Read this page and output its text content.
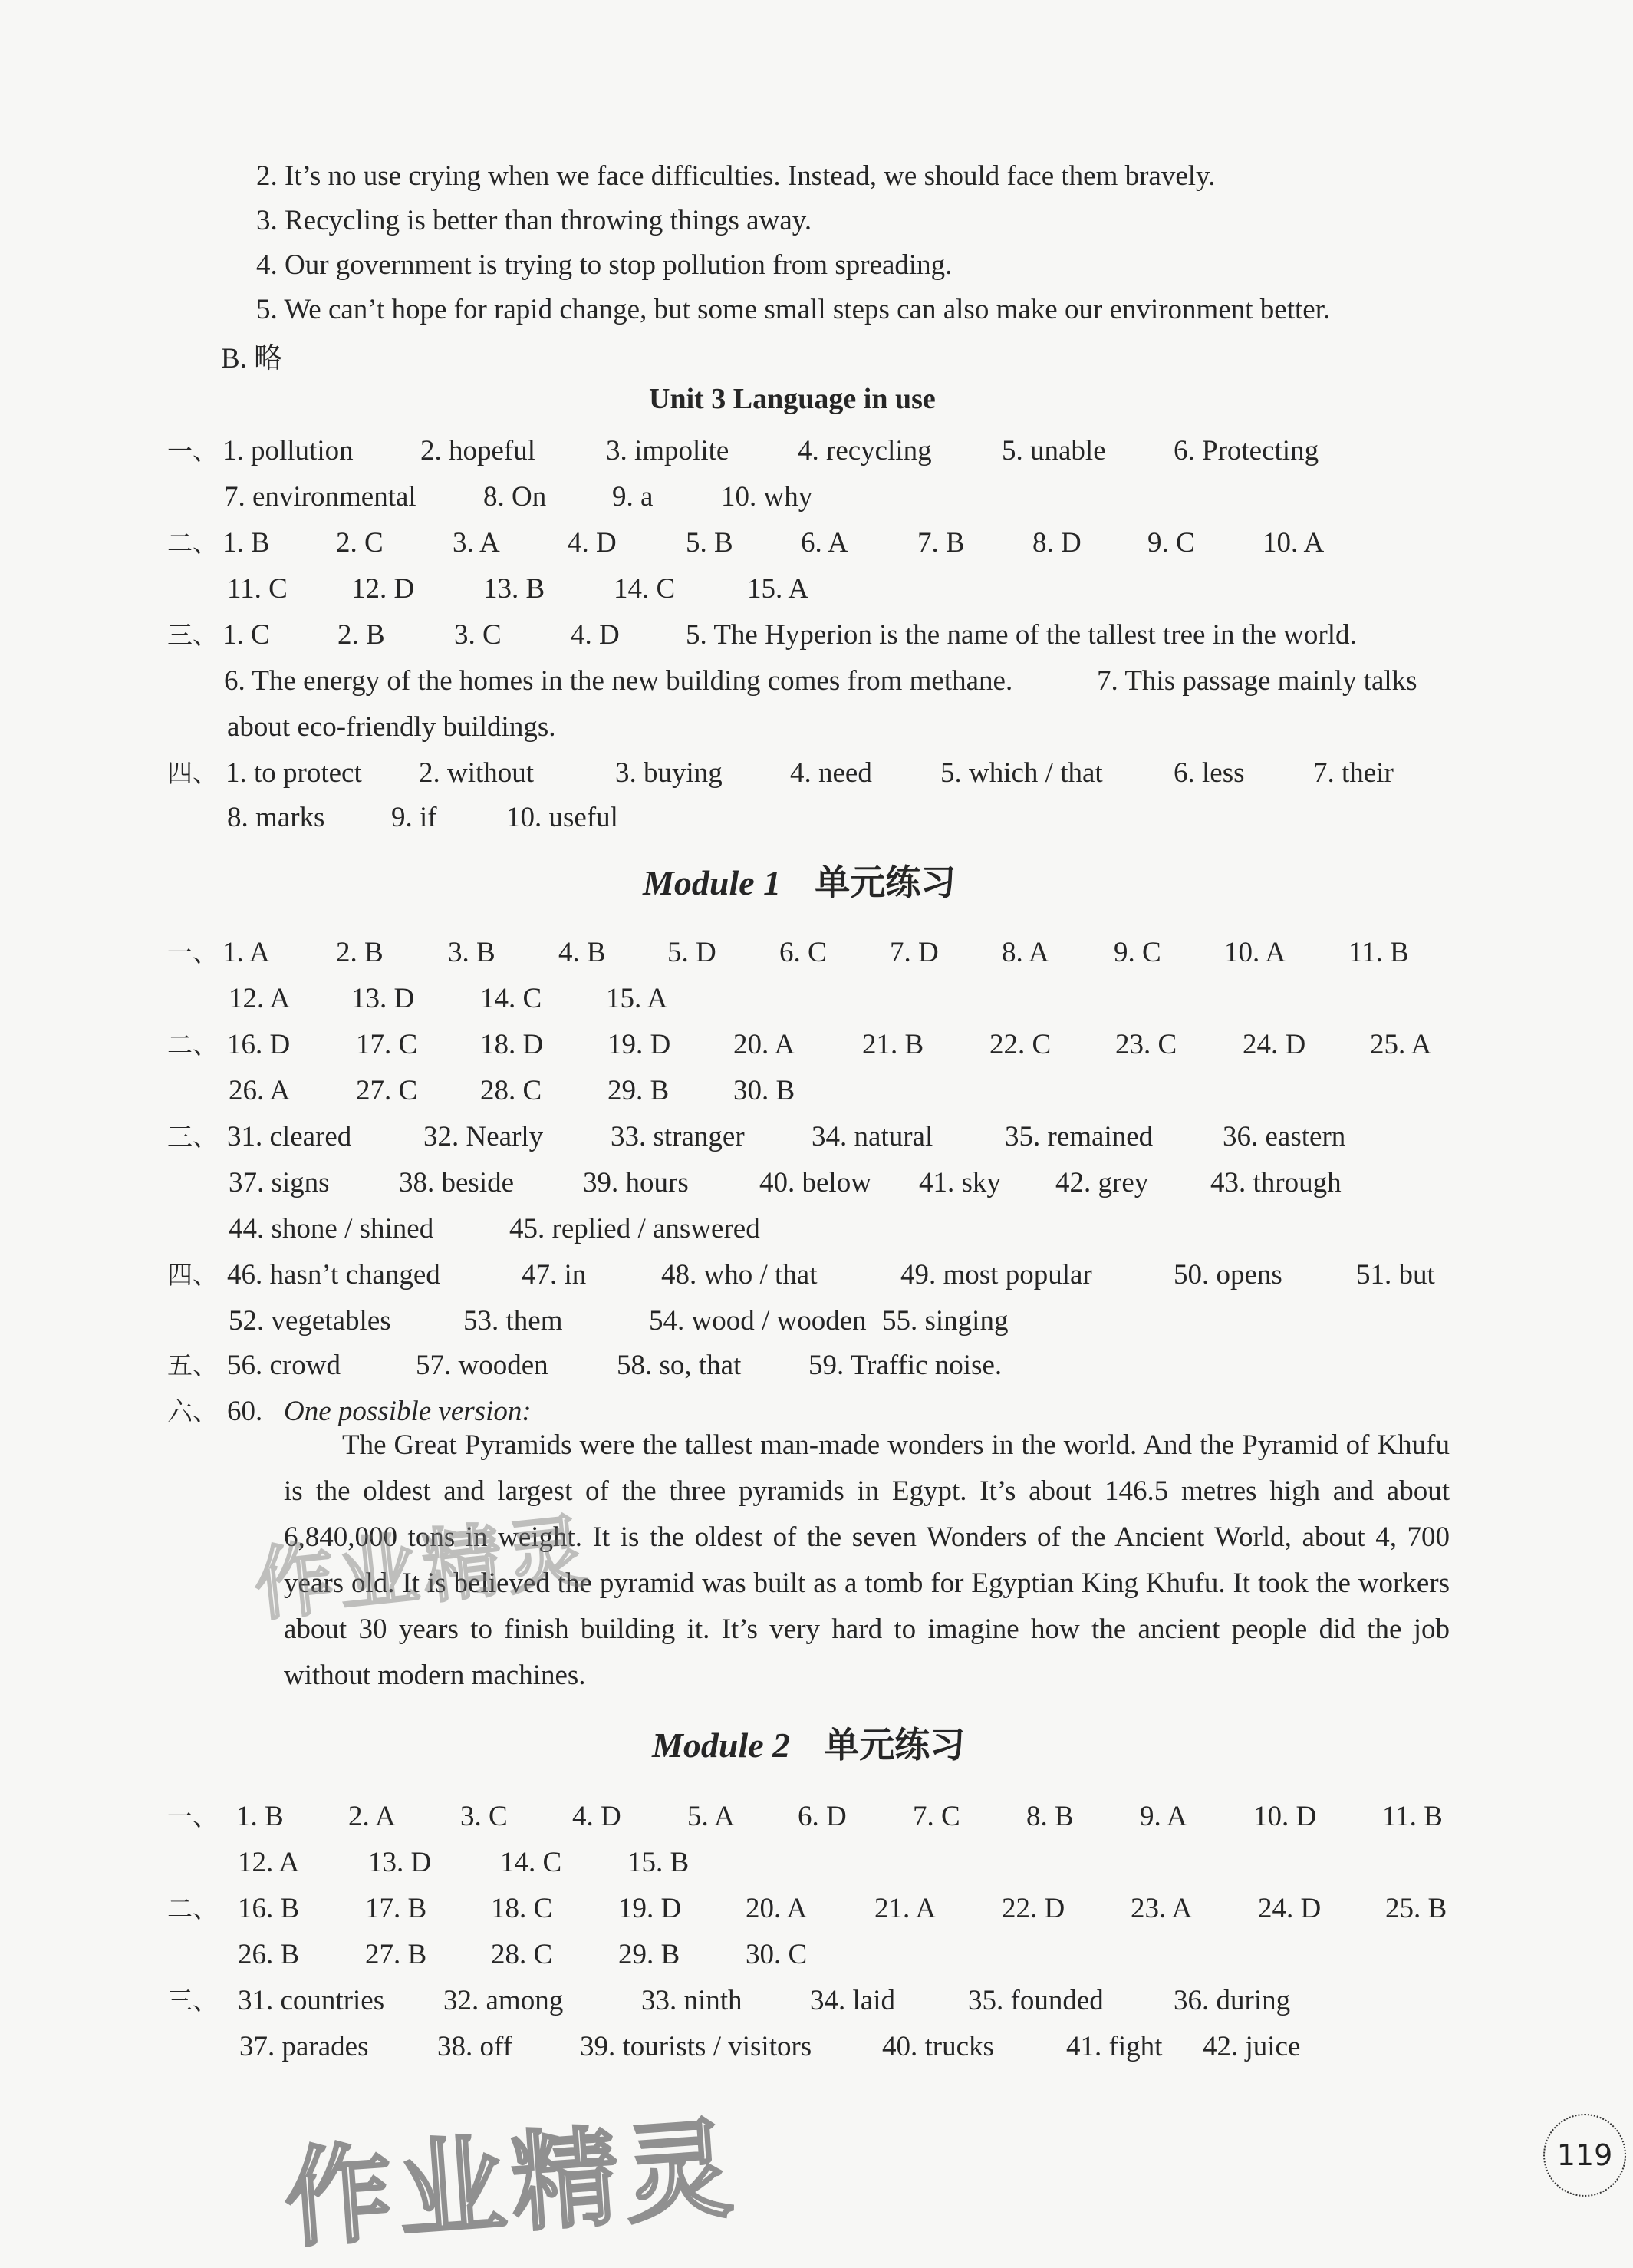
2. It’s no use crying when we face difficulties. Instead, we should face them bravely.
3. Recycling is better than throwing things away.
4. Our government is trying to stop pollution from spreading.
5. We can’t hope for rapid change, but some small steps can also make our environment better.
B. 略
Unit 3 Language in use
一、 1. pollution 2. hopeful 3. impolite 4. recycling 5. unable 6. Protecting
7. environmental 8. On 9. a 10. why
二、 1. B 2. C 3. A 4. D 5. B 6. A 7. B 8. D 9. C 10. A
11. C 12. D 13. B 14. C	15. A
三、 1. C 2. B 3. C 4. D 5. The Hyperion is the name of the tallest tree in the world.
6. The energy of the homes in the new building comes from methane.	7. This passage mainly talks
about eco-friendly buildings.
四、 1. to protect 2. without	3. buying 4. need 5. which / that 6. less 7. their
8. marks 9. if 10. useful
Module 1 单元练习
一、 1. A 2. B 3. B 4. B 5. D 6. C 7. D 8. A 9. C 10. A 11. B
12. A 13. D 14. C 15. A
二、 16. D 17. C 18. D 19. D 20. A 21. B 22. C 23. C 24. D 25. A
26. A 27. C 28. C 29. B 30. B
三、 31. cleared	32. Nearly 33. stranger 34. natural	35. remained 36. eastern
37. signs 38. beside 39. hours 40. below 41. sky 42. grey 43. through
44. shone / shined	45. replied / answered
四、 46. hasn’t changed	47. in	48. who / that	49. most popular	50. opens	51. but
52. vegetables	53. them	54. wood / wooden 55. singing
五、 56. crowd	57. wooden 58. so, that 59. Traffic noise.
六、 60. One possible version:

The Great Pyramids were the tallest man-made wonders in the world. And the Pyramid of Khufu is the oldest and largest of the three pyramids in Egypt. It’s about 146.5 metres high and about 6,840,000 tons in weight. It is the oldest of the seven Wonders of the Ancient World, about 4, 700 years old. It is believed the pyramid was built as a tomb for Egyptian King Khufu. It took the workers about 30 years to finish building it. It’s very hard to imagine how the ancient people did the job without modern machines.

Module 2 单元练习
一、 1. B 2. A 3. C 4. D 5. A 6. D 7. C 8. B 9. A 10. D 11. B
12. A 13. D 14. C 15. B
二、 16. B 17. B 18. C 19. D 20. A 21. A 22. D 23. A 24. D 25. B
26. B 27. B 28. C 29. B 30. C
三、 31. countries 32. among	33. ninth 34. laid	35. founded 36. during
37. parades 38. off 39. tourists / visitors 40. trucks	41. fight 42. juice
作业精灵
作业精灵	119
